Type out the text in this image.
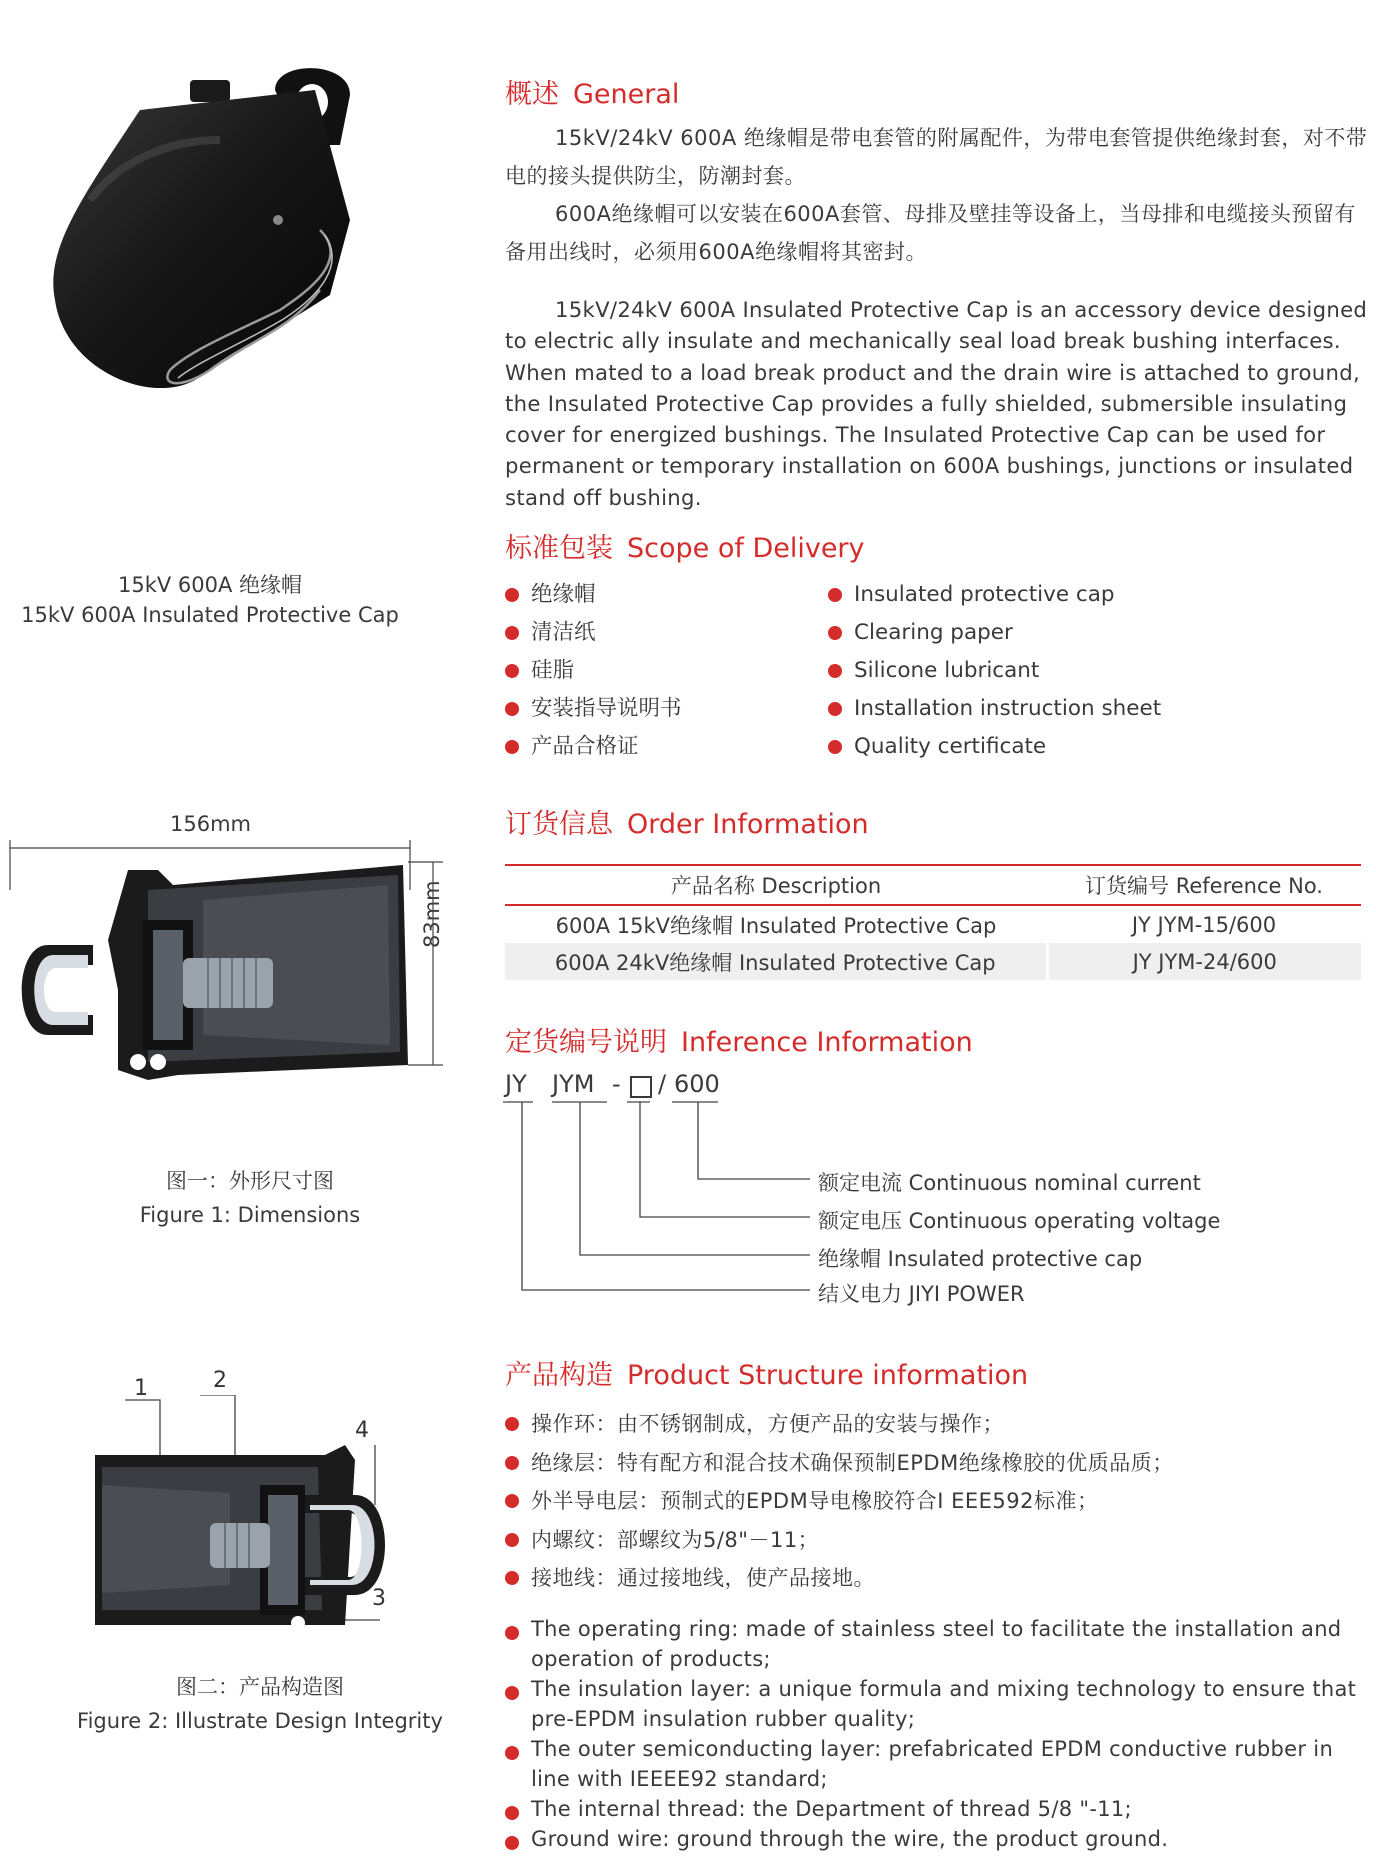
15kV 600A 绝缘帽
15kV 600A Insulated Protective Cap
156mm
83mm
图一：外形尺寸图
Figure 1: Dimensions
1	2
4
3
图二：产品构造图
Figure 2: Illustrate Design Integrity
概述 General

15kV/24kV 600A 绝缘帽是带电套管的附属配件，为带电套管提供绝缘封套，对不带电的接头提供防尘，防潮封套。

600A绝缘帽可以安装在600A套管、母排及壁挂等设备上，当母排和电缆接头预留有备用出线时，必须用600A绝缘帽将其密封。

15kV/24kV 600A Insulated Protective Cap is an accessory device designed to electric ally insulate and mechanically seal load break bushing interfaces. When mated to a load break product and the drain wire is attached to ground, the Insulated Protective Cap provides a fully shielded, submersible insulating cover for energized bushings. The Insulated Protective Cap can be used for permanent or temporary installation on 600A bushings, junctions or insulated stand off bushing.

标准包装 Scope of Delivery
绝缘帽
清洁纸
硅脂
安装指导说明书
产品合格证
Insulated protective cap
Clearing paper
Silicone lubricant
Installation instruction sheet
Quality certificate
订货信息 Order Information
产品名称 Description	订货编号 Reference No.
600A 15kV绝缘帽 Insulated Protective Cap	JY JYM-15/600
600A 24kV绝缘帽 Insulated Protective Cap	JY JYM-24/600
定货编号说明 Inference Information
JY JYM - / 600
额定电流 Continuous nominal current
额定电压 Continuous operating voltage
绝缘帽 Insulated protective cap
结义电力 JIYI POWER
产品构造 Product Structure information
操作环：由不锈钢制成，方便产品的安装与操作；
绝缘层：特有配方和混合技术确保预制EPDM绝缘橡胶的优质品质；
外半导电层：预制式的EPDM导电橡胶符合I EEE592标准；
内螺纹：部螺纹为5/8"－11；
接地线：通过接地线，使产品接地。
The operating ring: made of stainless steel to facilitate the installation and operation of products;
The insulation layer: a unique formula and mixing technology to ensure that pre-EPDM insulation rubber quality;
The outer semiconducting layer: prefabricated EPDM conductive rubber in line with IEEEE92 standard;
The internal thread: the Department of thread 5/8 "-11;
Ground wire: ground through the wire, the product ground.
